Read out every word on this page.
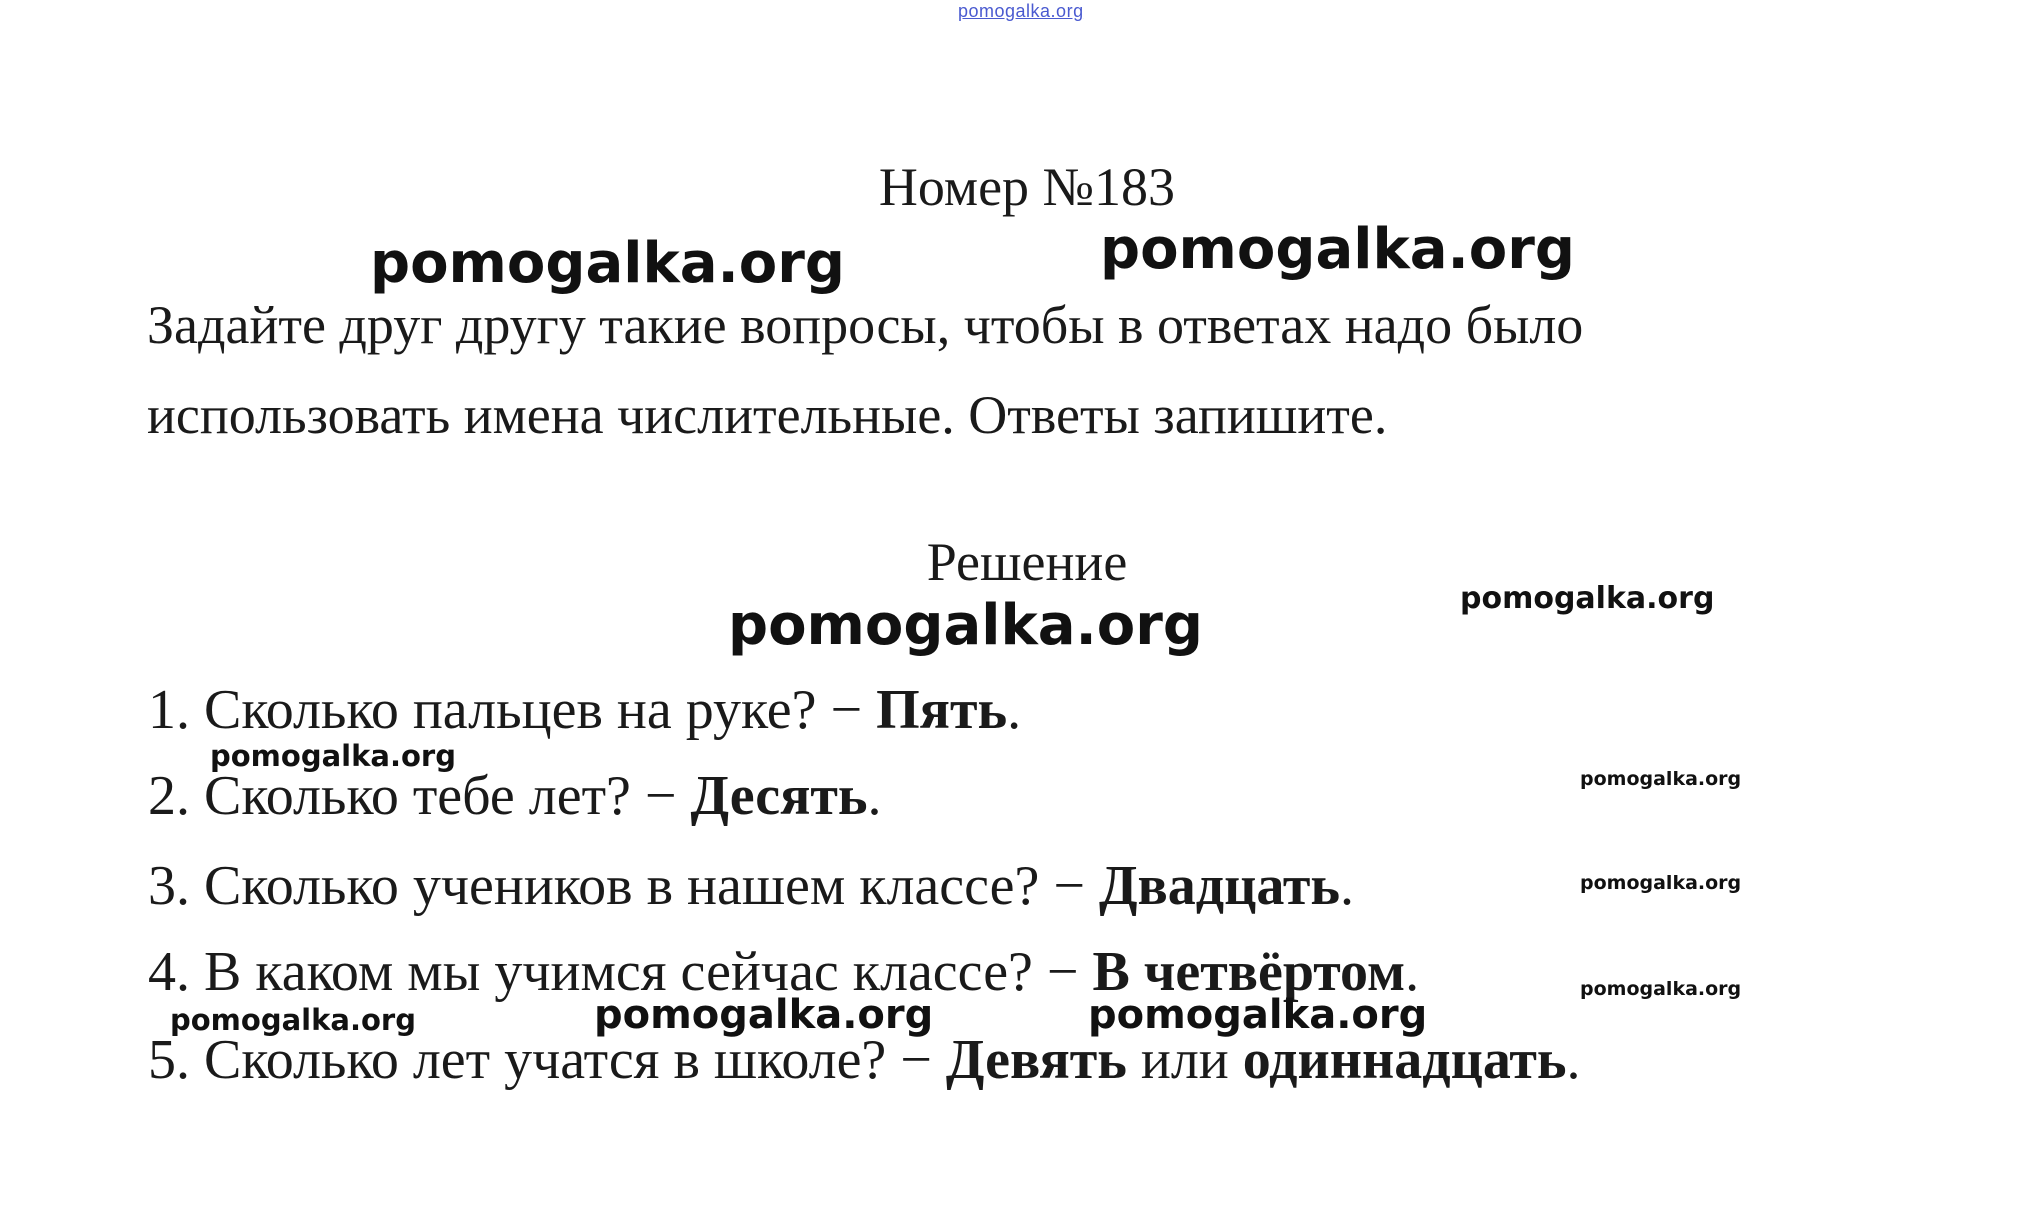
pomogalka.org
Номер №183
pomogalka.org	pomogalka.org
Задайте друг другу такие вопросы, чтобы в ответах надо было
использовать имена числительные. Ответы запишите.
Решение
pomogalka.org	pomogalka.org
1. Сколько пальцев на руке? − Пять.
pomogalka.org
2. Сколько тебе лет? − Десять.	pomogalka.org
3. Сколько учеников в нашем классе? − Двадцать.	pomogalka.org
4. В каком мы учимся сейчас классе? − В четвёртом.	pomogalka.org
pomogalka.org	pomogalka.org	pomogalka.org
5. Сколько лет учатся в школе? − Девять или одиннадцать.
